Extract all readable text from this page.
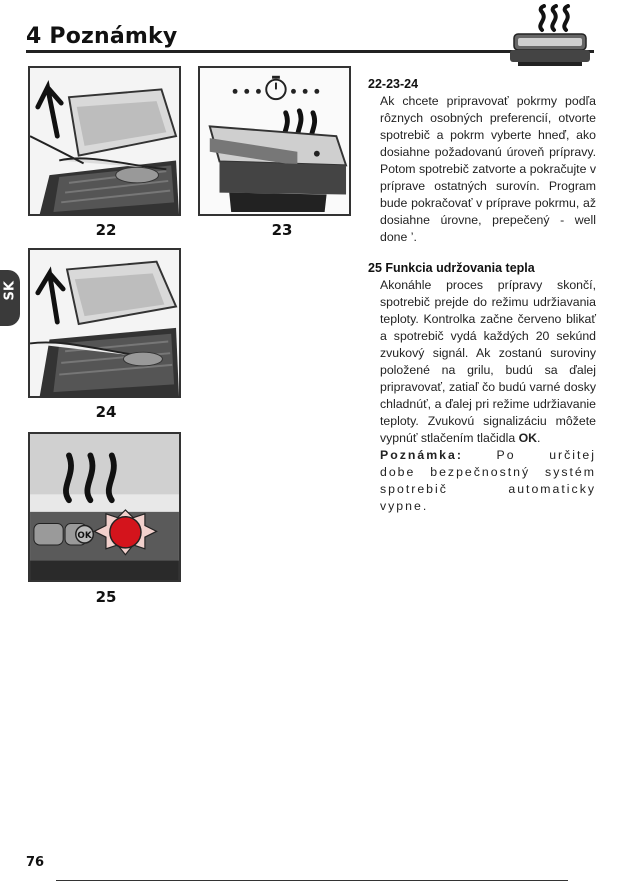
4 Poznámky
SK
22	23
24
OK
25
22-23-24
Ak chcete pripravovať pokrmy podľa rôznych osobných preferencií, otvorte spotrebič a pokrm vyberte hneď, ako dosiahne požadovanú úroveň prípravy. Potom spotrebič zatvorte a pokračujte v príprave ostatných surovín. Program bude pokračovať v príprave pokrmu, až dosiahne úrovne, prepečený - well done ’.
25 Funkcia udržovania tepla
Akonáhle proces prípravy skončí, spotrebič prejde do režimu udržiavania teploty. Kontrolka začne červeno blikať a spotrebič vydá každých 20 sekúnd zvukový signál. Ak zostanú suroviny položené na grilu, budú sa ďalej pripravovať, zatiaľ čo budú varné dosky chladnúť, a ďalej pri režime udržiavanie teploty. Zvukovú signalizáciu môžete vypnúť stlačením tlačidla OK.
Poznámka:	Po určitej dobe bezpečnostný systém spotrebič automaticky vypne.
76
